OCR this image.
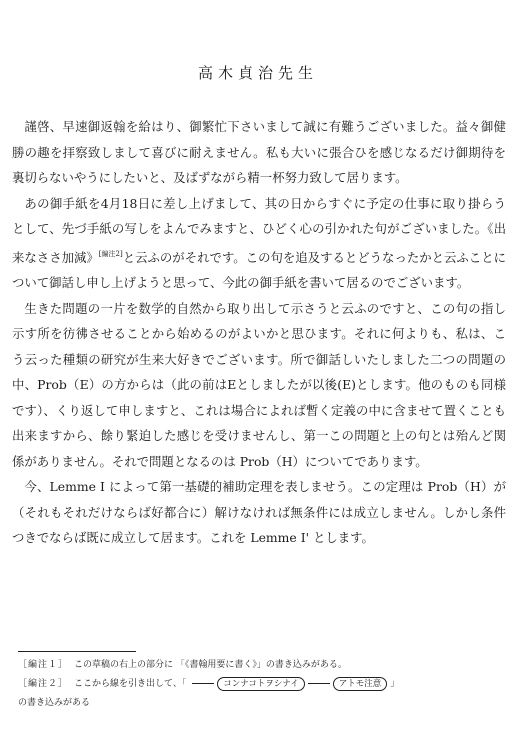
高木貞治先生

謹啓、早速御返翰を給はり、御繁忙下さいまして誠に有難うございました。益々御健勝の趣を拝察致しまして喜びに耐えません。私も大いに張合ひを感じなるだけ御期待を裏切らないやうにしたいと、及ばずながら精一杯努力致して居ります。

あの御手紙を4月18日に差し上げまして、其の日からすぐに予定の仕事に取り掛らうとして、先づ手紙の写しをよんでみますと、ひどく心の引かれた句がございました。《出来なささ加減》[編注2]と云ふのがそれです。この句を追及するとどうなったかと云ふことについて御話し申し上げようと思って、今此の御手紙を書いて居るのでございます。

生きた問題の一片を数学的自然から取り出して示さうと云ふのですと、この句の指し示す所を彷彿させることから始めるのがよいかと思ひます。それに何よりも、私は、こう云った種類の研究が生来大好きでございます。所で御話しいたしました二つの問題の中、Prob（E）の方からは（此の前はEとしましたが以後(E)とします。他のものも同様です）、くり返して申しますと、これは場合によれば暫く定義の中に含ませて置くことも出来ますから、餘り緊迫した感じを受けませんし、第一この問題と上の句とは殆んど関係がありません。それで問題となるのは Prob（H）についてであります。

今、Lemme I によって第一基礎的補助定理を表しませう。この定理は Prob（H）が（それもそれだけならば好都合に）解けなければ無条件には成立しません。しかし条件つきでならば既に成立して居ます。これを Lemme I' とします。

［編注１］ この草稿の右上の部分に 「《書翰用要に書く》」の書き込みがある。

［編注２］ ここから線を引き出して、「	コンナコトヲシナイ	アトモ注意 」

の書き込みがある
